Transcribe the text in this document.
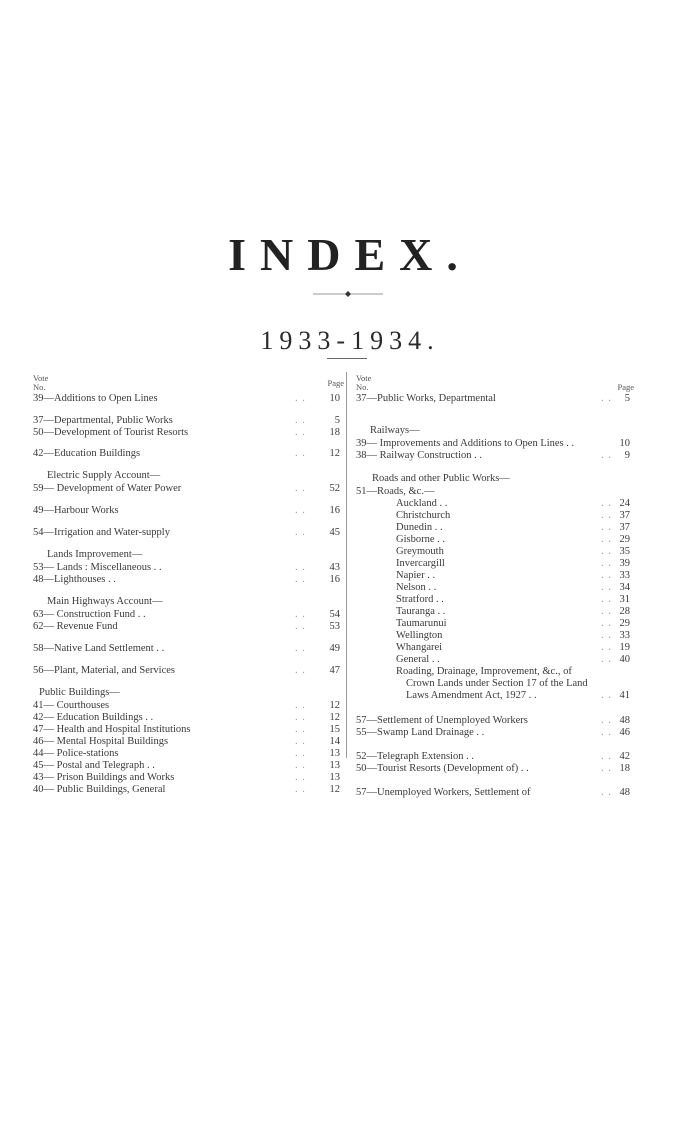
INDEX.
1933-1934.
Vote
No.	Page
39—Additions to Open Lines	. . 10
37—Departmental, Public Works	. .	5
50—Development of Tourist Resorts	. . 18
42—Education Buildings	. . 12
Electric Supply Account—
59— Development of Water Power	. . 52
49—Harbour Works	. . 16
54—Irrigation and Water-supply	. . 45
Lands Improvement—
53— Lands : Miscellaneous . .	. . 43
48—Lighthouses . .	. . 16
Main Highways Account—
63— Construction Fund . .	. . 54
62— Revenue Fund	. . 53
58—Native Land Settlement . .	. . 49
56—Plant, Material, and Services	. . 47
Public Buildings—
41— Courthouses	. . 12
42— Education Buildings . .	. . 12
47— Health and Hospital Institutions	. . 15
46— Mental Hospital Buildings	. . 14
44— Police-stations	. . 13
45— Postal and Telegraph . .	. . 13
43— Prison Buildings and Works	. . 13
40— Public Buildings, General	. . 12
Vote
No.	Page
37—Public Works, Departmental	. . 5
Railways—
39— Improvements and Additions to Open Lines . .	10
38— Railway Construction . .	. . 9
Roads and other Public Works—
51—Roads, &c.—
Auckland . .	. . 24
Christchurch	. . 37
Dunedin . .	. . 37
Gisborne . .	. . 29
Greymouth	. . 35
Invercargill	. . 39
Napier . .	. . 33
Nelson . .	. . 34
Stratford . .	. . 31
Tauranga . .	. . 28
Taumarunui	. . 29
Wellington	. . 33
Whangarei	. . 19
General . .	. . 40
Roading, Drainage, Improvement, &c., of
Crown Lands under Section 17 of the Land
Laws Amendment Act, 1927 . .	. . 41
57—Settlement of Unemployed Workers	. . 48
55—Swamp Land Drainage . .	. . 46
52—Telegraph Extension . .	. . 42
50—Tourist Resorts (Development of) . .	. . 18
57—Unemployed Workers, Settlement of	. . 48
